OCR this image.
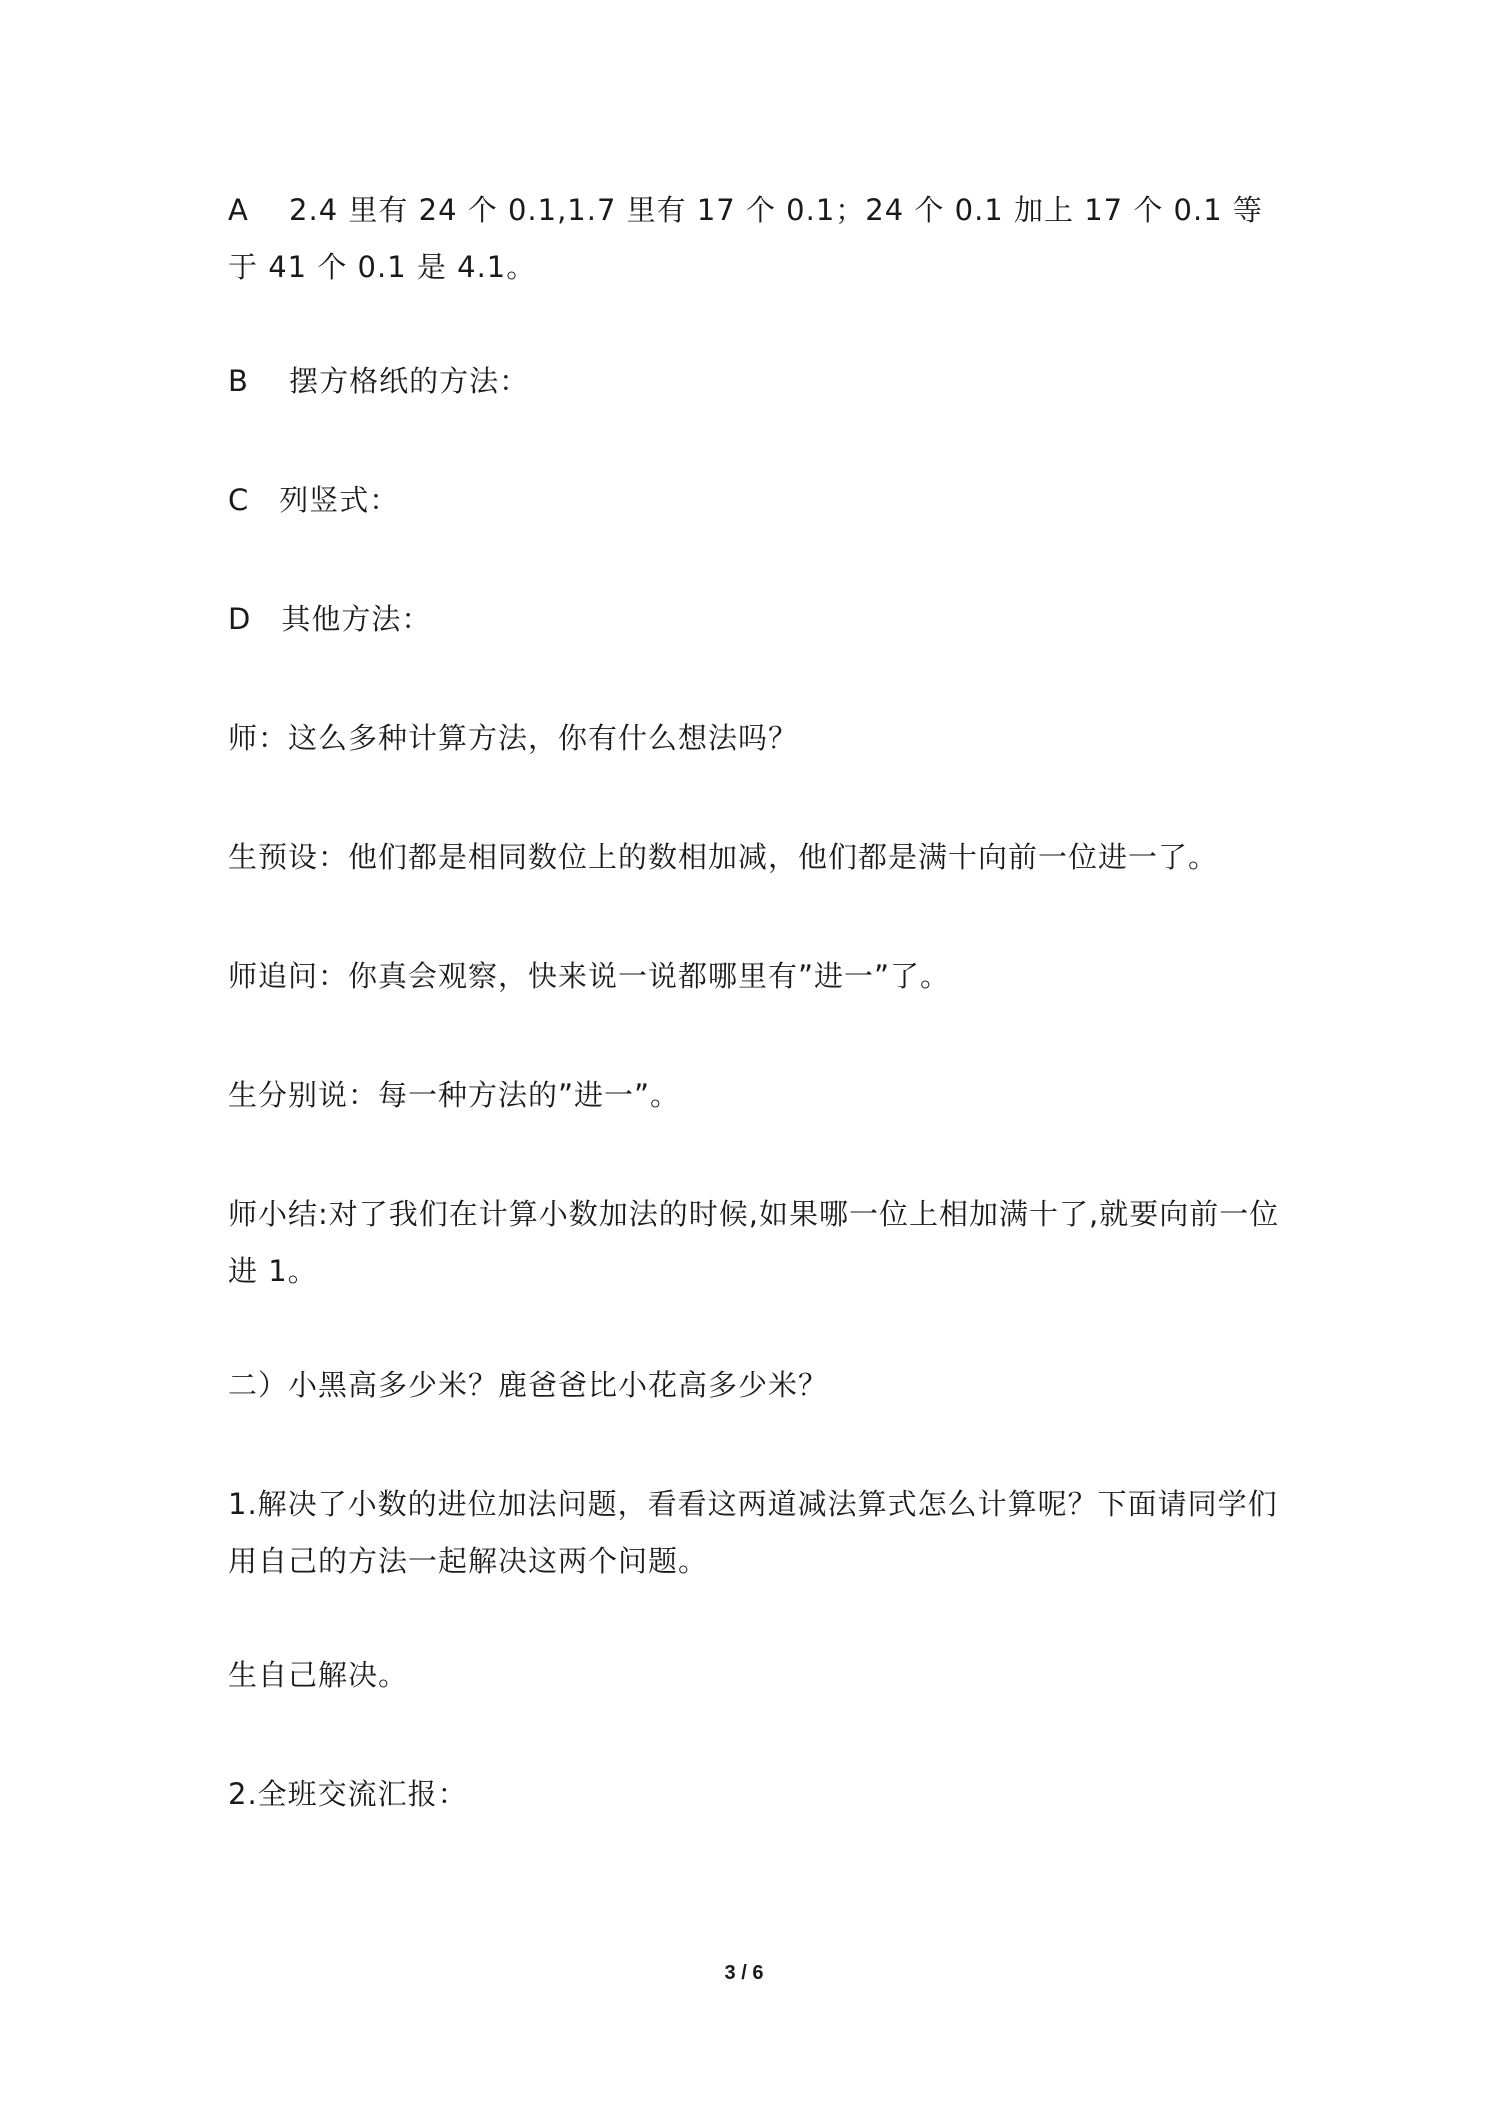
A　 2.4 里有 24 个 0.1,1.7 里有 17 个 0.1；24 个 0.1 加上 17 个 0.1 等于 41 个 0.1 是 4.1。

B　 摆方格纸的方法：

C　列竖式：

D　其他方法：

师：这么多种计算方法，你有什么想法吗？

生预设：他们都是相同数位上的数相加减，他们都是满十向前一位进一了。

师追问：你真会观察，快来说一说都哪里有”进一”了。

生分别说：每一种方法的”进一”。

师小结:对了我们在计算小数加法的时候,如果哪一位上相加满十了,就要向前一位进 1。

二）小黑高多少米？鹿爸爸比小花高多少米？

1.解决了小数的进位加法问题，看看这两道减法算式怎么计算呢？下面请同学们用自己的方法一起解决这两个问题。

生自己解决。

2.全班交流汇报：

3 / 6
